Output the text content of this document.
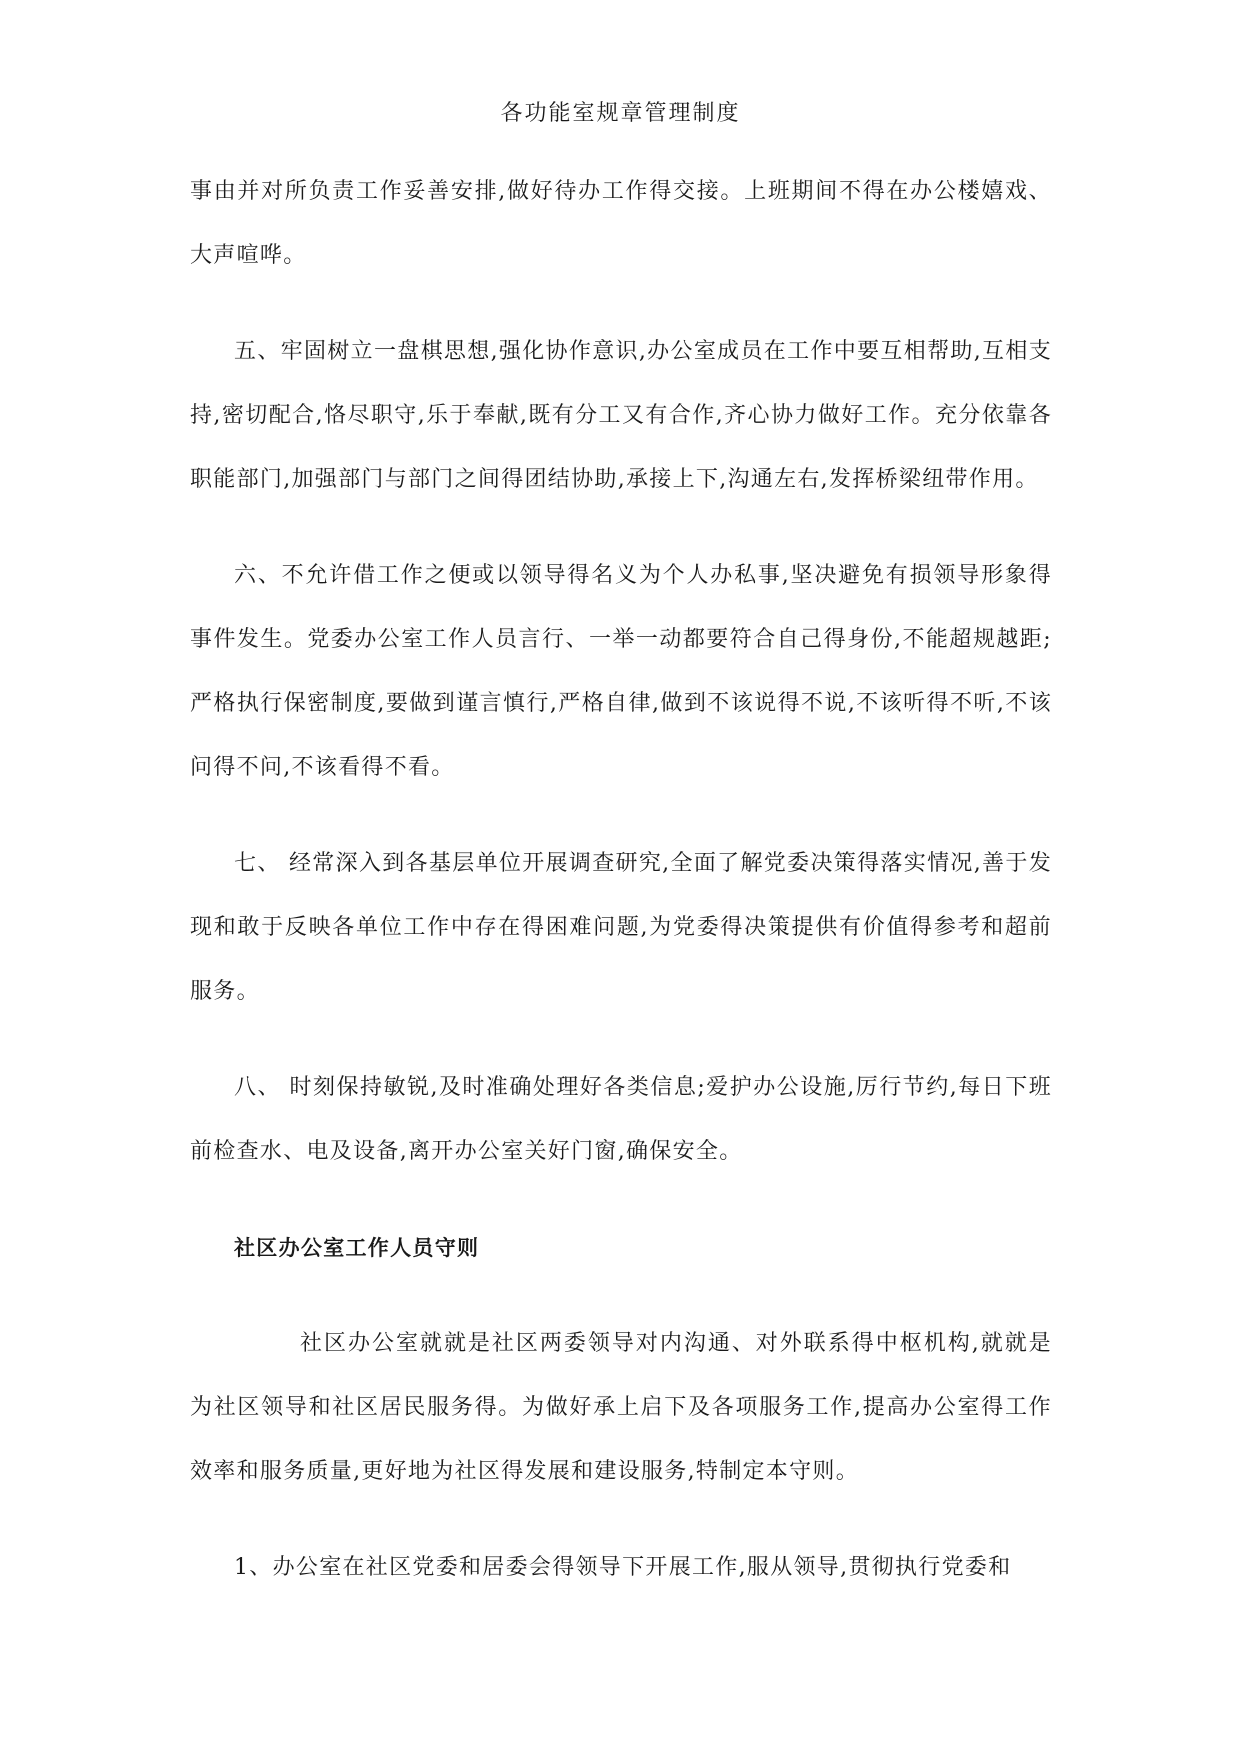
各功能室规章管理制度

事由并对所负责工作妥善安排,做好待办工作得交接。上班期间不得在办公楼嬉戏、大声喧哗。

五、牢固树立一盘棋思想,强化协作意识,办公室成员在工作中要互相帮助,互相支持,密切配合,恪尽职守,乐于奉献,既有分工又有合作,齐心协力做好工作。充分依靠各职能部门,加强部门与部门之间得团结协助,承接上下,沟通左右,发挥桥梁纽带作用。

六、不允许借工作之便或以领导得名义为个人办私事,坚决避免有损领导形象得事件发生。党委办公室工作人员言行、一举一动都要符合自己得身份,不能超规越距;严格执行保密制度,要做到谨言慎行,严格自律,做到不该说得不说,不该听得不听,不该问得不问,不该看得不看。

七、 经常深入到各基层单位开展调查研究,全面了解党委决策得落实情况,善于发现和敢于反映各单位工作中存在得困难问题,为党委得决策提供有价值得参考和超前服务。

八、 时刻保持敏锐,及时准确处理好各类信息;爱护办公设施,厉行节约,每日下班前检查水、电及设备,离开办公室关好门窗,确保安全。

社区办公室工作人员守则

社区办公室就就是社区两委领导对内沟通、对外联系得中枢机构,就就是为社区领导和社区居民服务得。为做好承上启下及各项服务工作,提高办公室得工作效率和服务质量,更好地为社区得发展和建设服务,特制定本守则。

1、办公室在社区党委和居委会得领导下开展工作,服从领导,贯彻执行党委和
